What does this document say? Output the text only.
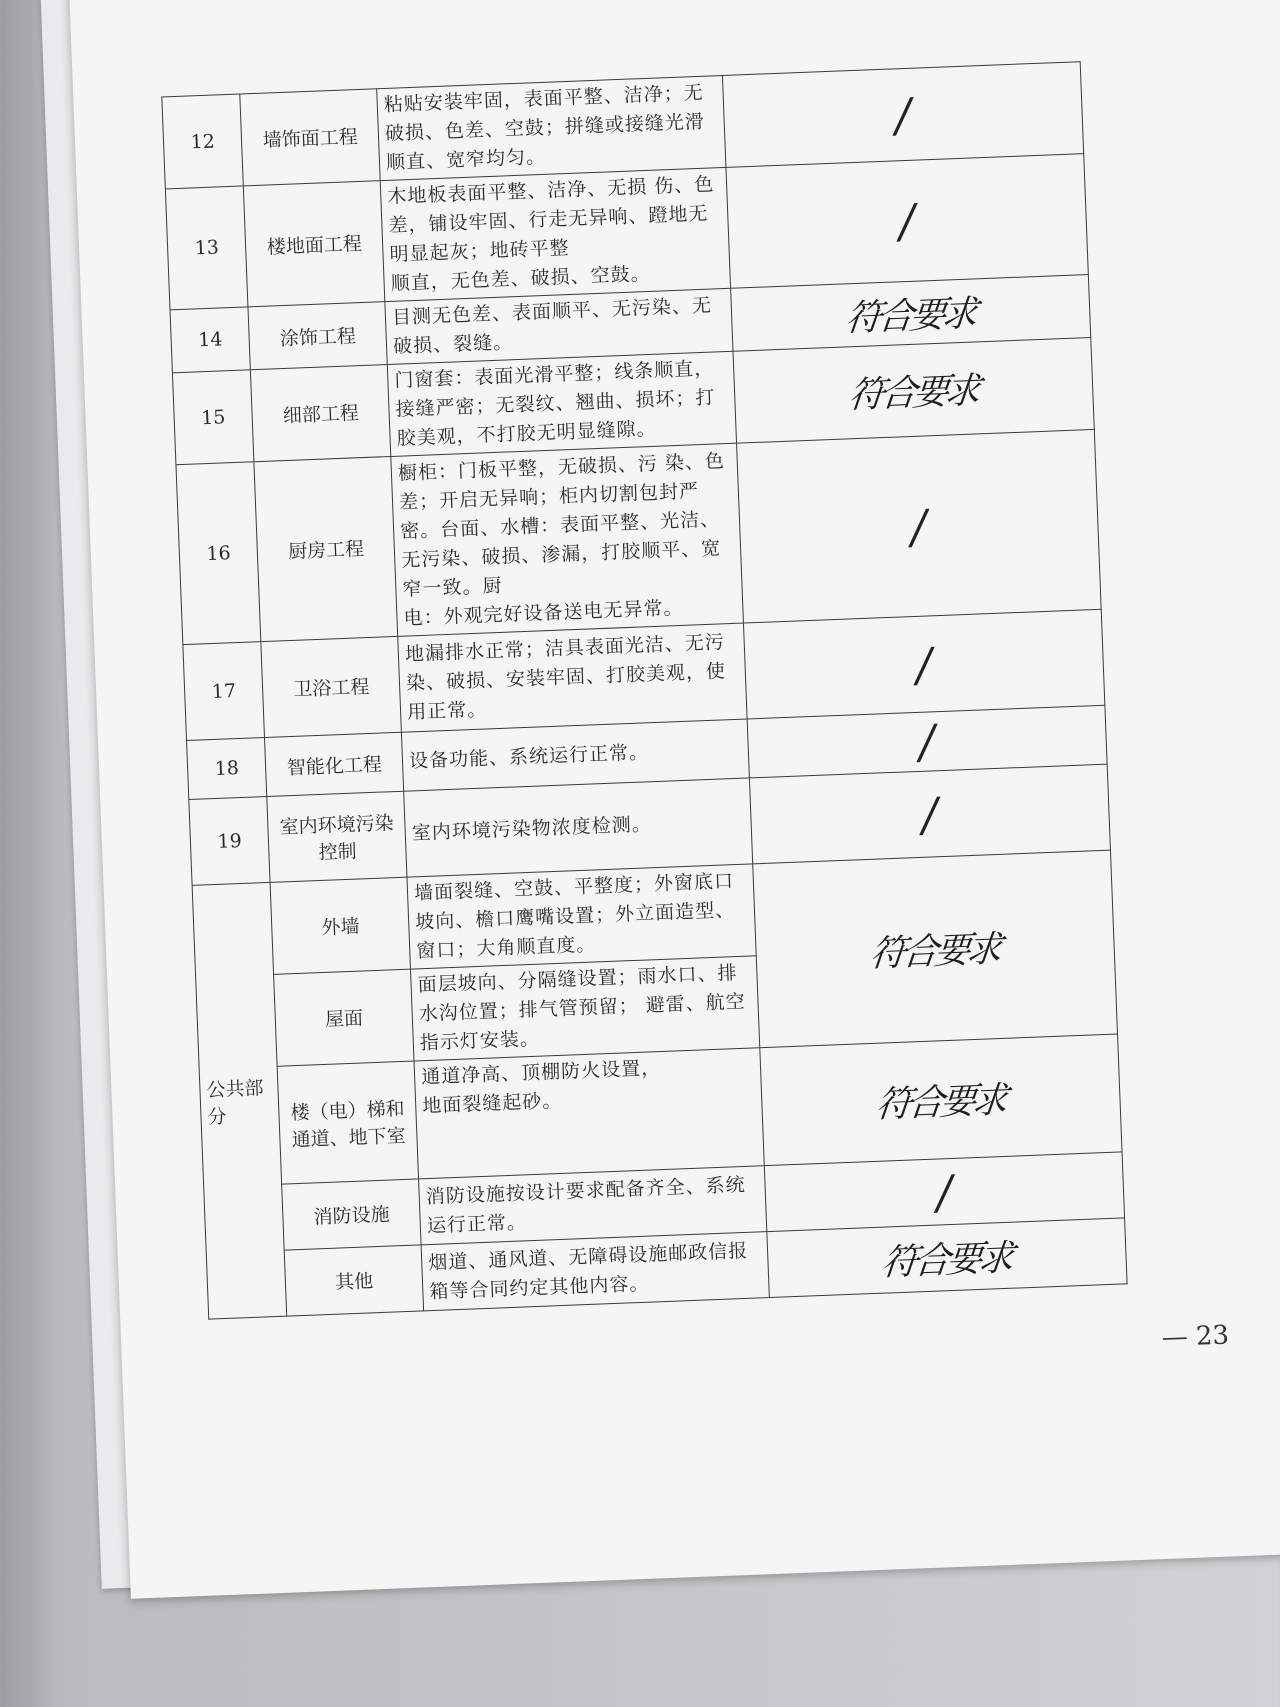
12	墙饰面工程	粘贴安装牢固，表面平整、洁净；无破损、色差、空鼓；拼缝或接缝光滑顺直、宽窄均匀。	/
13	楼地面工程	木地板表面平整、洁净、无损 伤、色差，铺设牢固、行走无异响、蹬地无明显起灰；地砖平整
顺直，无色差、破损、空鼓。	/
14	涂饰工程	目测无色差、表面顺平、无污染、无破损、裂缝。	符合要求
15	细部工程	门窗套：表面光滑平整；线条顺直，接缝严密；无裂纹、翘曲、损坏；打胶美观，不打胶无明显缝隙。	符合要求
16	厨房工程	橱柜：门板平整，无破损、污 染、色差；开启无异响；柜内切割包封严密。台面、水槽：表面平整、光洁、无污染、破损、渗漏，打胶顺平、宽窄一致。厨
电：外观完好设备送电无异常。	/
17	卫浴工程	地漏排水正常；洁具表面光洁、无污染、破损、安装牢固、打胶美观，使用正常。	/
18	智能化工程	设备功能、系统运行正常。	/
19	室内环境污染控制	室内环境污染物浓度检测。	/
公共部分	外墙	墙面裂缝、空鼓、平整度；外窗底口坡向、檐口鹰嘴设置；外立面造型、窗口；大角顺直度。	符合要求
	屋面	面层坡向、分隔缝设置；雨水口、排水沟位置；排气管预留； 避雷、航空指示灯安装。	
	楼（电）梯和通道、地下室	通道净高、顶棚防火设置，
地面裂缝起砂。	符合要求
	消防设施	消防设施按设计要求配备齐全、系统运行正常。	/
	其他	烟道、通风道、无障碍设施邮政信报箱等合同约定其他内容。	符合要求
— 23
